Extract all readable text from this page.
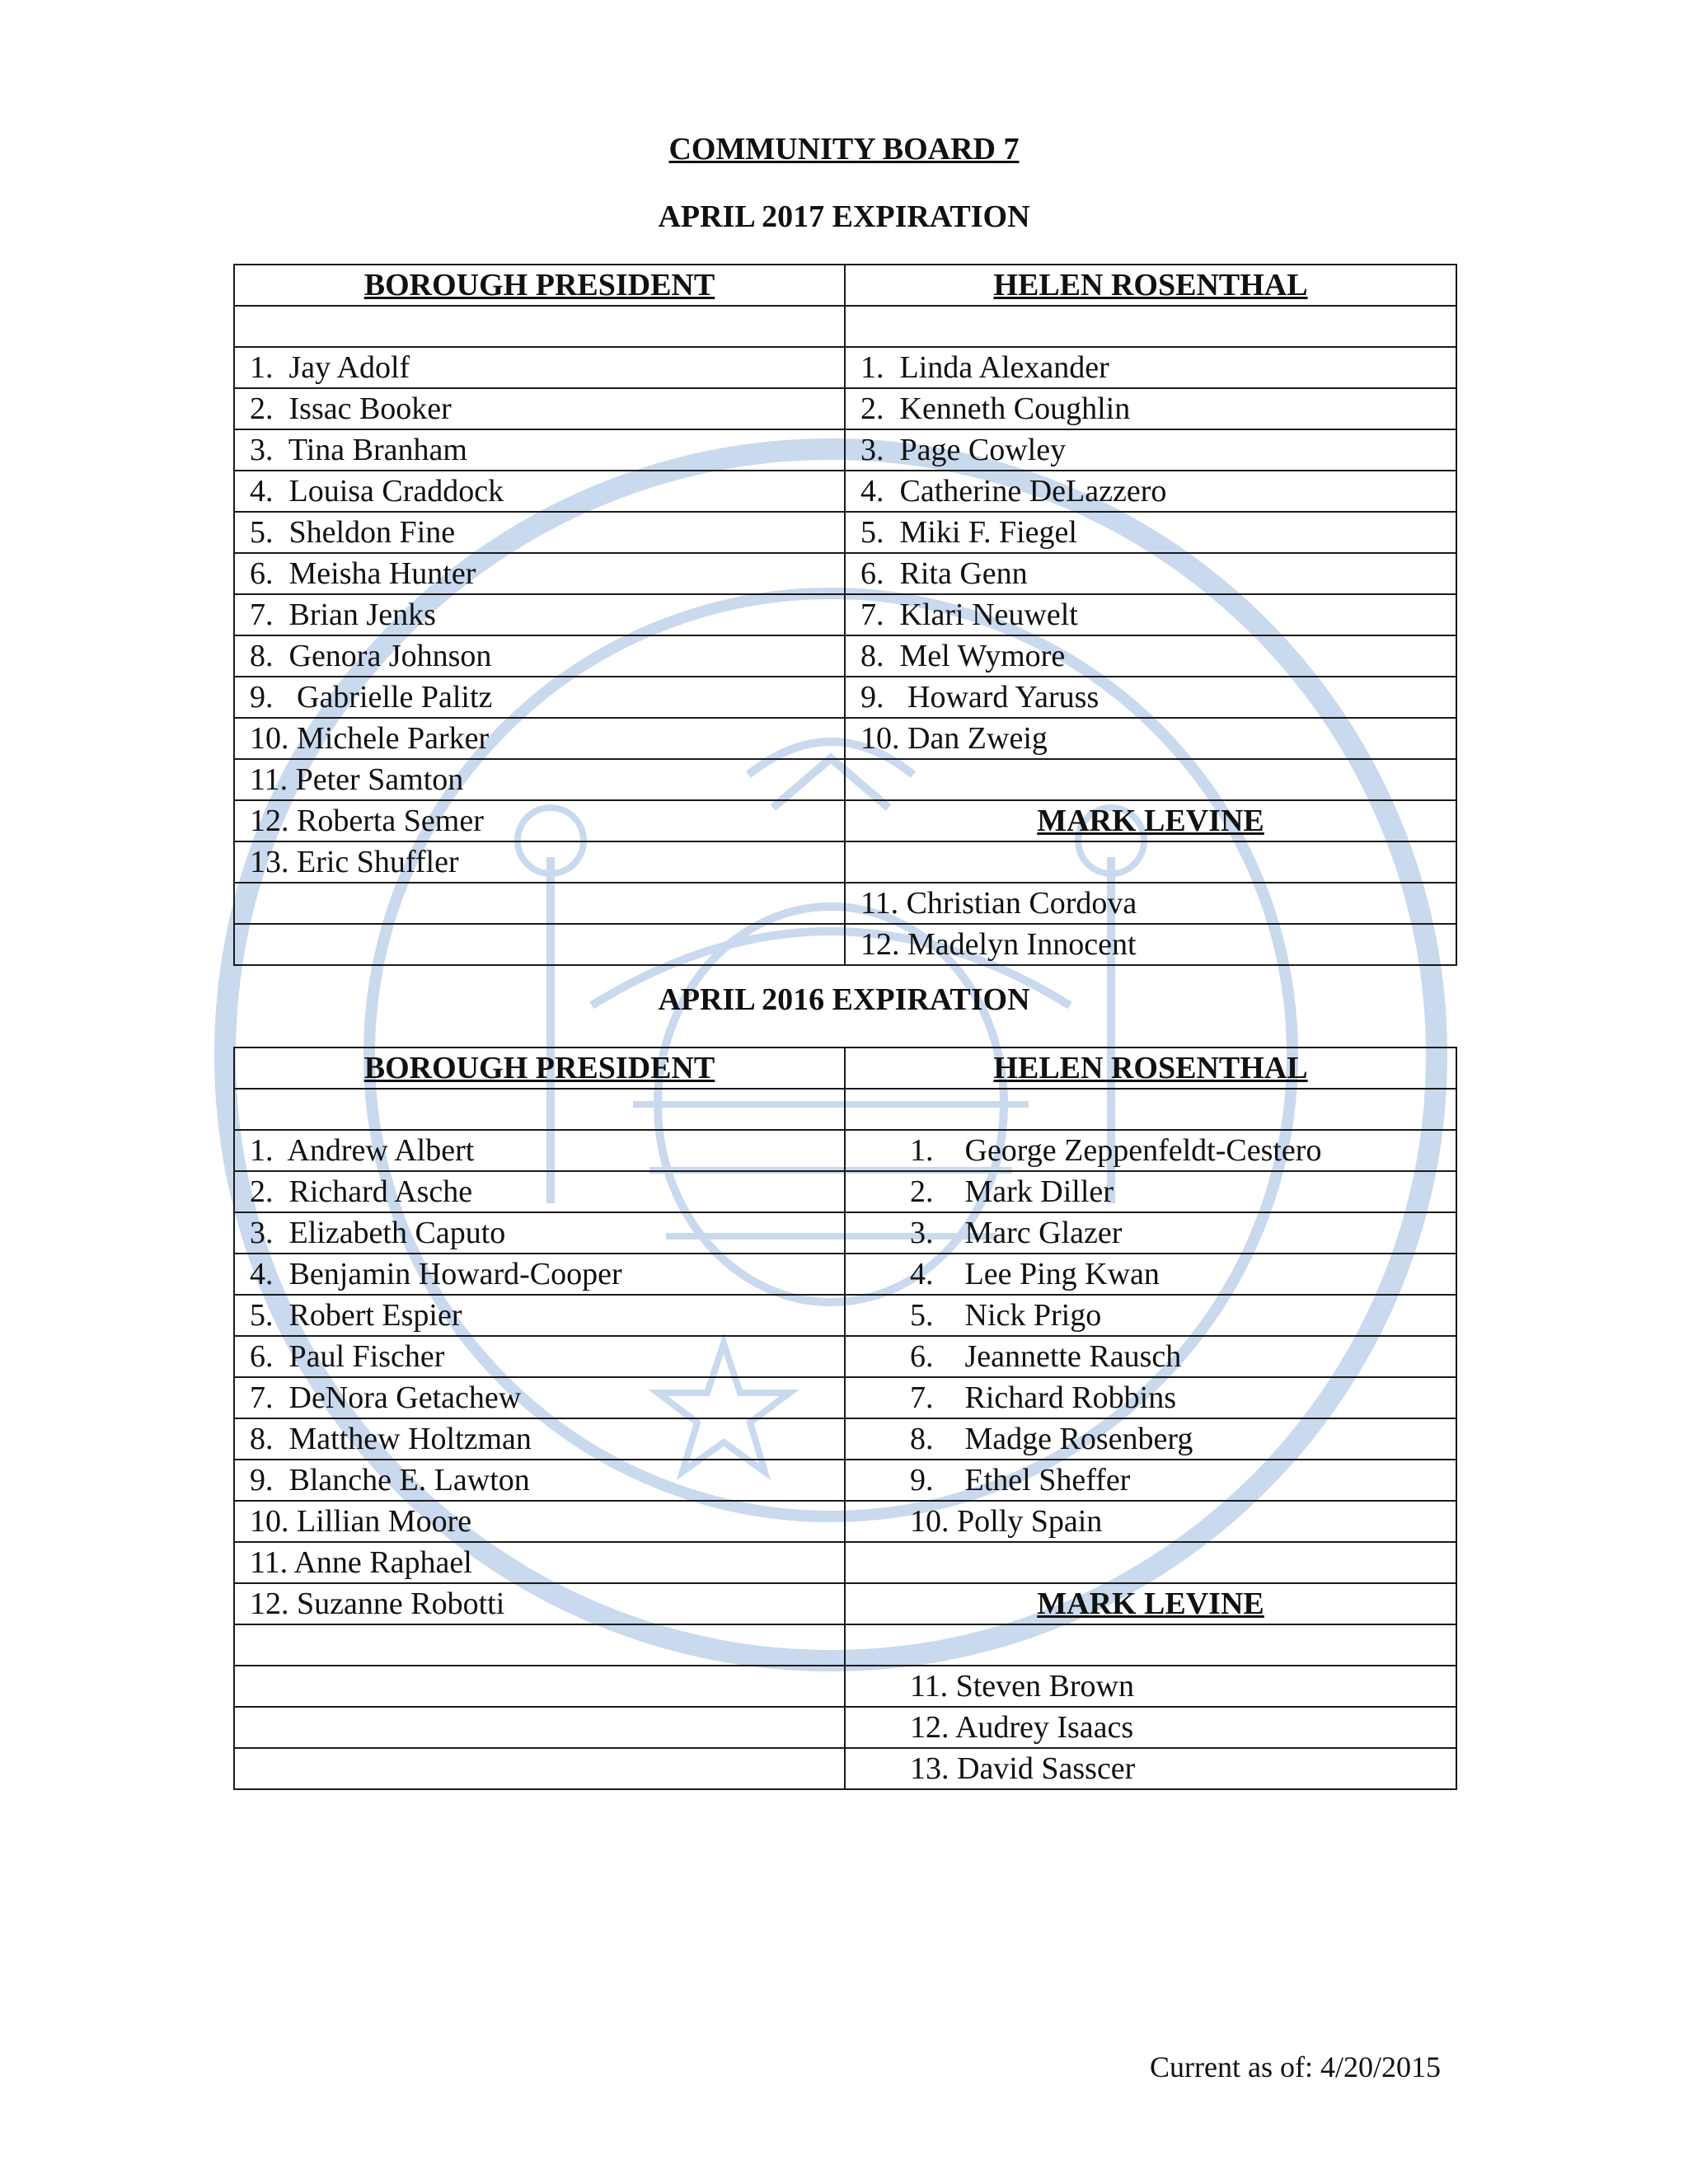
COMMUNITY BOARD 7
APRIL 2017 EXPIRATION
BOROUGH PRESIDENT	HELEN ROSENTHAL

1.  Jay Adolf	1.  Linda Alexander
2.  Issac Booker	2.  Kenneth Coughlin
3.  Tina Branham	3.  Page Cowley
4.  Louisa Craddock	4.  Catherine DeLazzero
5.  Sheldon Fine	5.  Miki F. Fiegel
6.  Meisha Hunter	6.  Rita Genn
7.  Brian Jenks	7.  Klari Neuwelt
8.  Genora Johnson	8.  Mel Wymore
9.   Gabrielle Palitz	9.   Howard Yaruss
10. Michele Parker	10. Dan Zweig
11. Peter Samton	
12. Roberta Semer	MARK LEVINE
13. Eric Shuffler	
	11. Christian Cordova
	12. Madelyn Innocent
APRIL 2016 EXPIRATION
BOROUGH PRESIDENT	HELEN ROSENTHAL

1.  Andrew Albert	1.    George Zeppenfeldt-Cestero
2.  Richard Asche	2.    Mark Diller
3.  Elizabeth Caputo	3.    Marc Glazer
4.  Benjamin Howard-Cooper	4.    Lee Ping Kwan
5.  Robert Espier	5.    Nick Prigo
6.  Paul Fischer	6.    Jeannette Rausch
7.  DeNora Getachew	7.    Richard Robbins
8.  Matthew Holtzman	8.    Madge Rosenberg
9.  Blanche E. Lawton	9.    Ethel Sheffer
10. Lillian Moore	10. Polly Spain
11. Anne Raphael	
12. Suzanne Robotti	MARK LEVINE

	11. Steven Brown
	12. Audrey Isaacs
	13. David Sasscer
Current as of: 4/20/2015
